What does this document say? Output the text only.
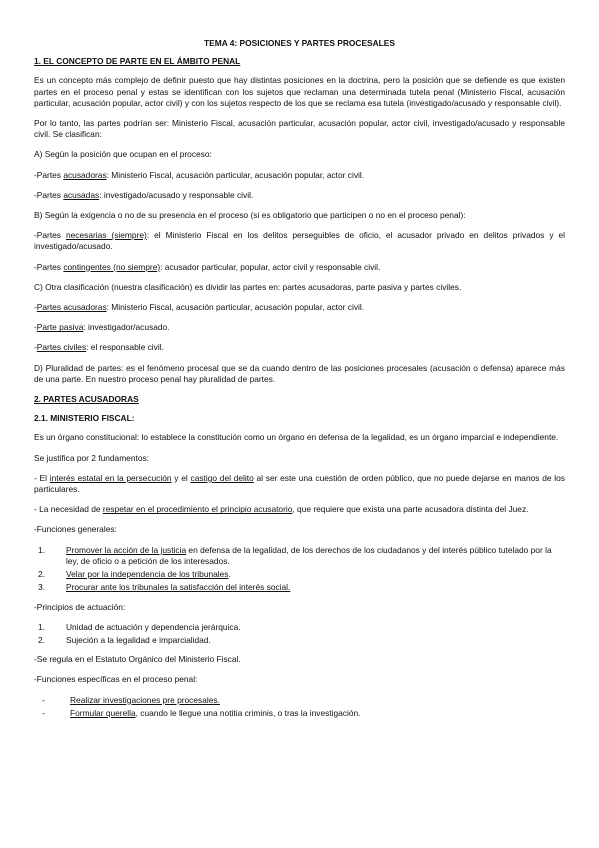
TEMA 4: POSICIONES Y PARTES PROCESALES
1. EL CONCEPTO DE PARTE EN EL ÁMBITO PENAL

Es un concepto más complejo de definir puesto que hay distintas posiciones en la doctrina, pero la posición que se defiende es que existen partes en el proceso penal y estas se identifican con los sujetos que reclaman una determinada tutela penal (Ministerio Fiscal, acusación particular, acusación popular, actor civil) y con los sujetos respecto de los que se reclama esa tutela (investigado/acusado y responsable civil).

Por lo tanto, las partes podrían ser: Ministerio Fiscal, acusación particular, acusación popular, actor civil, investigado/acusado y responsable civil. Se clasifican:

A) Según la posición que ocupan en el proceso:

-Partes acusadoras: Ministerio Fiscal, acusación particular, acusación popular, actor civil.

-Partes acusadas: investigado/acusado y responsable civil.

B) Según la exigencia o no de su presencia en el proceso (si es obligatorio que participen o no en el proceso penal):

-Partes necesarias (siempre): el Ministerio Fiscal en los delitos perseguibles de oficio, el acusador privado en delitos privados y el investigado/acusado.

-Partes contingentes (no siempre): acusador particular, popular, actor civil y responsable civil.

C) Otra clasificación (nuestra clasificación) es dividir las partes en: partes acusadoras, parte pasiva y partes civiles.

-Partes acusadoras: Ministerio Fiscal, acusación particular, acusación popular, actor civil.

-Parte pasiva: investigador/acusado.

-Partes civiles: el responsable civil.

D) Pluralidad de partes: es el fenómeno procesal que se da cuando dentro de las posiciones procesales (acusación o defensa) aparece más de una parte. En nuestro proceso penal hay pluralidad de partes.

2. PARTES ACUSADORAS
2.1. MINISTERIO FISCAL:

Es un órgano constitucional: lo establece la constitución como un órgano en defensa de la legalidad, es un órgano imparcial e independiente.

Se justifica por 2 fundamentos:

- El interés estatal en la persecución y el castigo del delito al ser este una cuestión de orden público, que no puede dejarse en manos de los particulares.

- La necesidad de respetar en el procedimiento el principio acusatorio, que requiere que exista una parte acusadora distinta del Juez.

-Funciones generales:

1.	Promover la acción de la justicia en defensa de la legalidad, de los derechos de los ciudadanos y del interés público tutelado por la ley, de oficio o a petición de los interesados.
2.	Velar por la independencia de los tribunales.
3.	Procurar ante los tribunales la satisfacción del interés social.

-Principios de actuación:

1.	Unidad de actuación y dependencia jerárquica.
2.	Sujeción a la legalidad e imparcialidad.

-Se regula en el Estatuto Orgánico del Ministerio Fiscal.

-Funciones específicas en el proceso penal:

-	Realizar investigaciones pre procesales.
-	Formular querella, cuando le llegue una notitia criminis, o tras la investigación.
